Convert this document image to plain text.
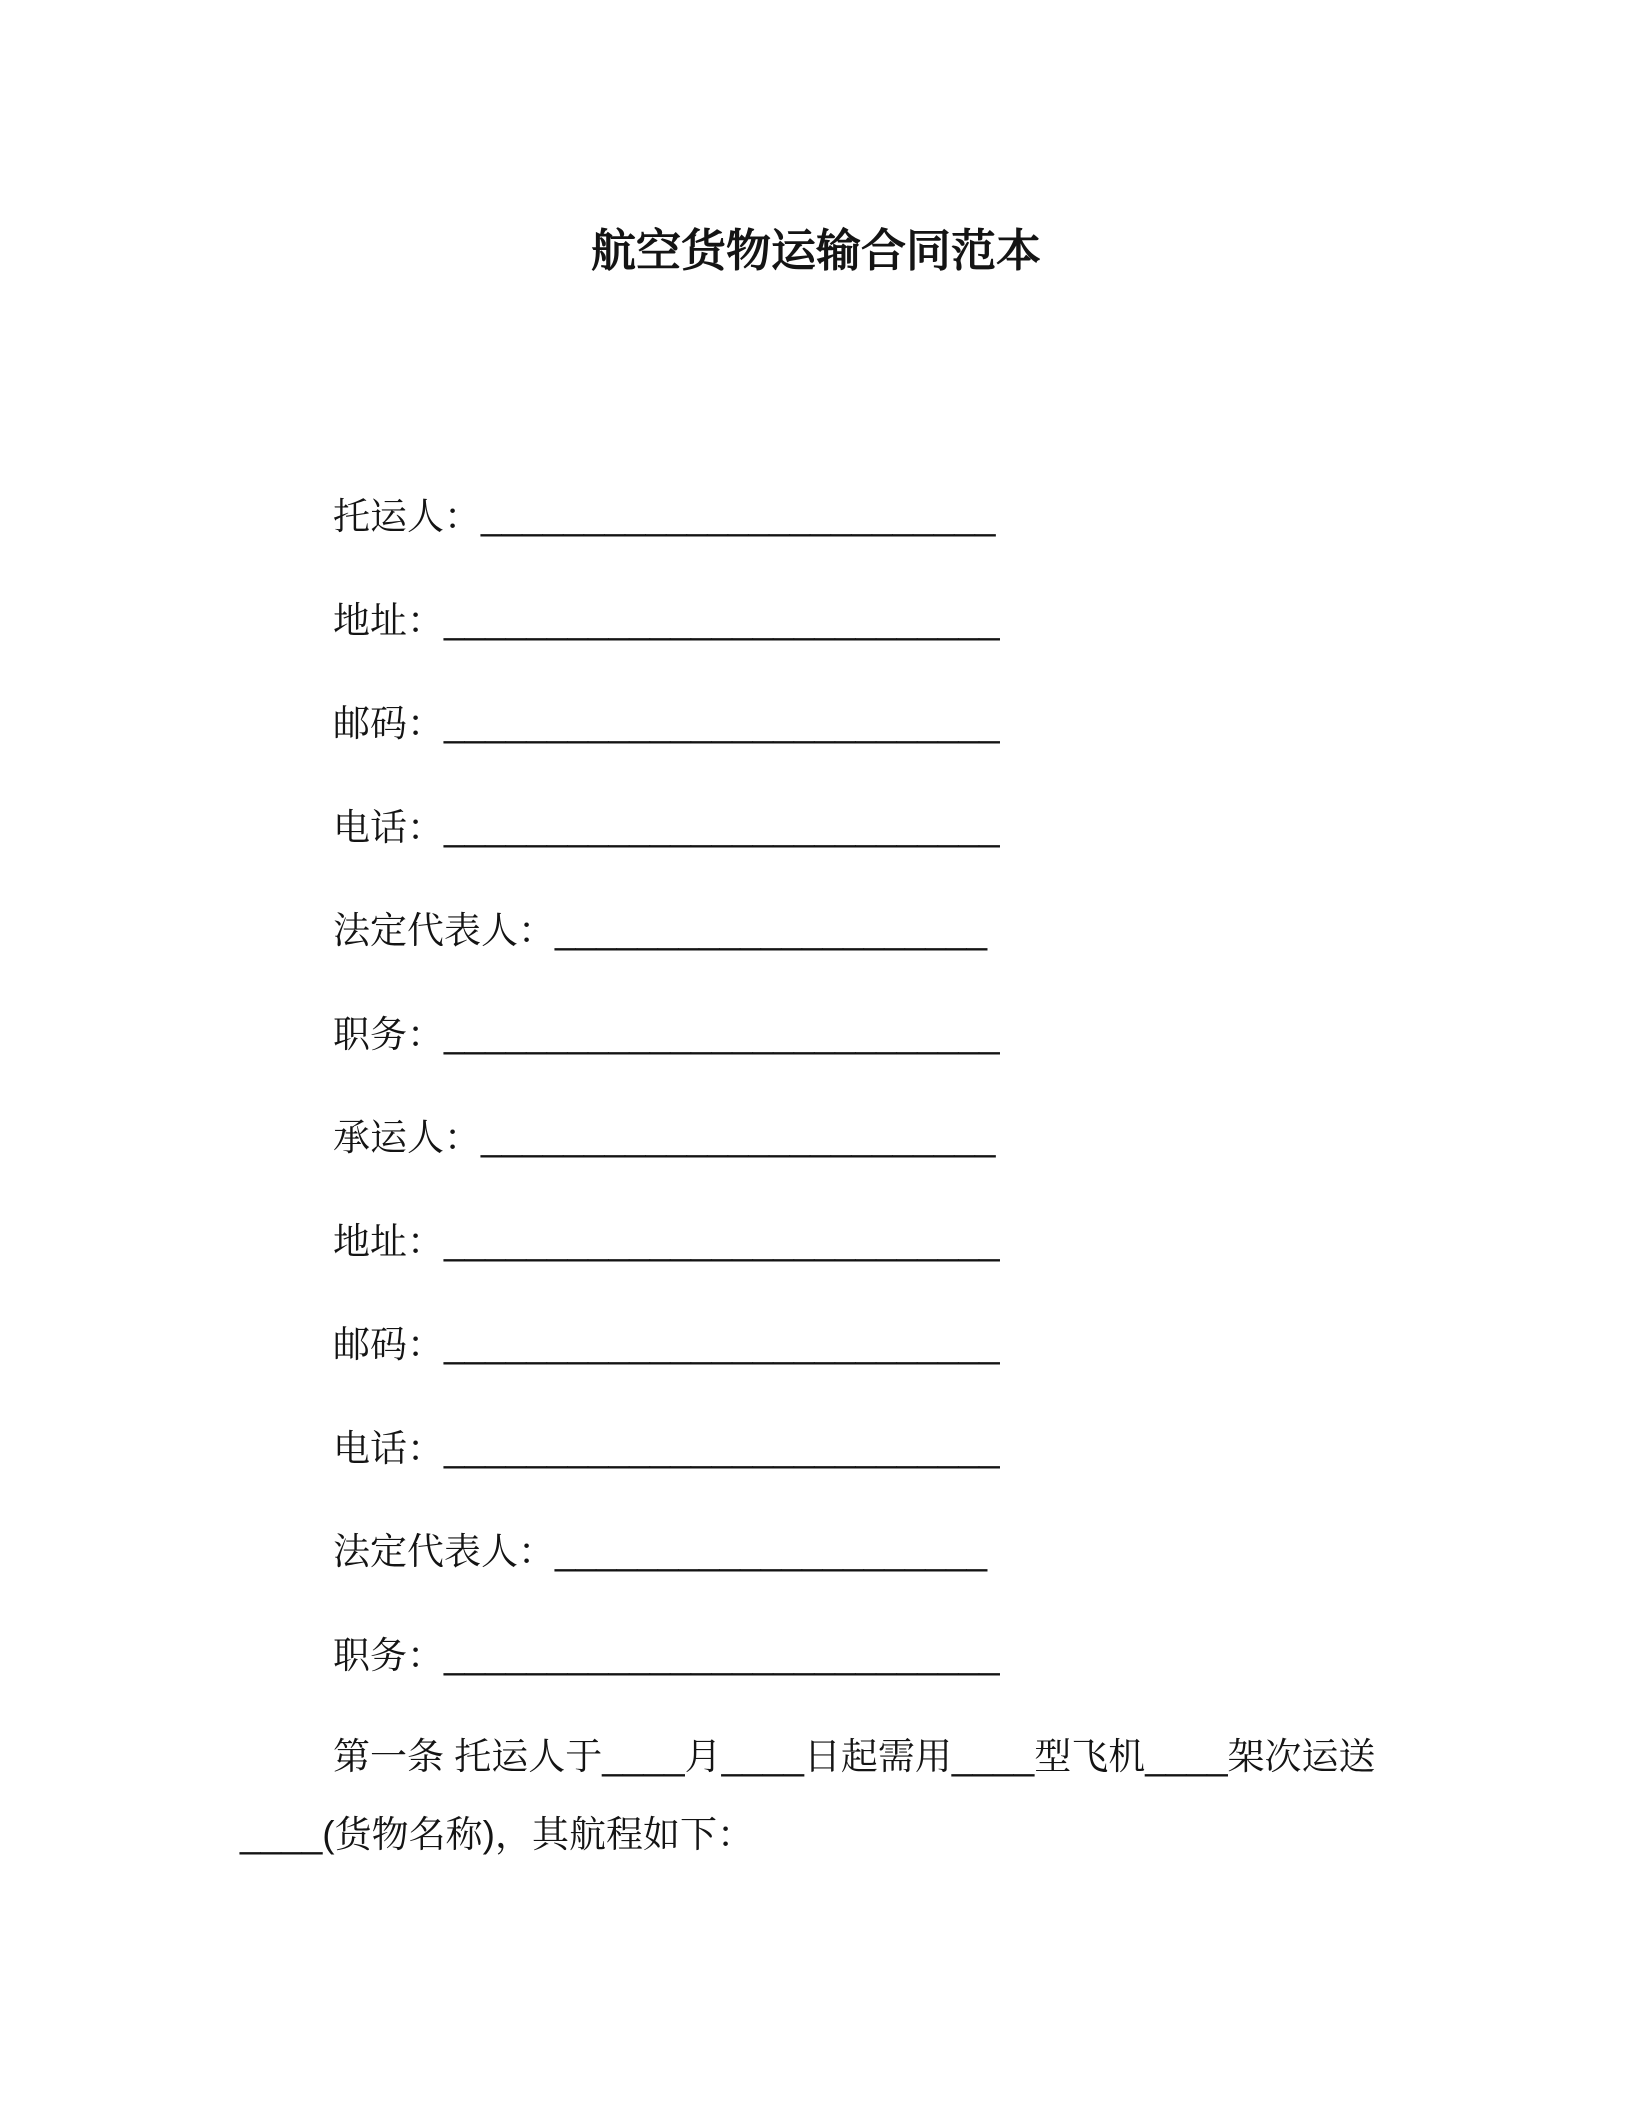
航空货物运输合同范本
托运人：_________________________
地址：___________________________
邮码：___________________________
电话：___________________________
法定代表人：_____________________
职务：___________________________
承运人：_________________________
地址：___________________________
邮码：___________________________
电话：___________________________
法定代表人：_____________________
职务：___________________________
第一条 托运人于____月____日起需用____型飞机____架次运送
____(货物名称)，其航程如下：
